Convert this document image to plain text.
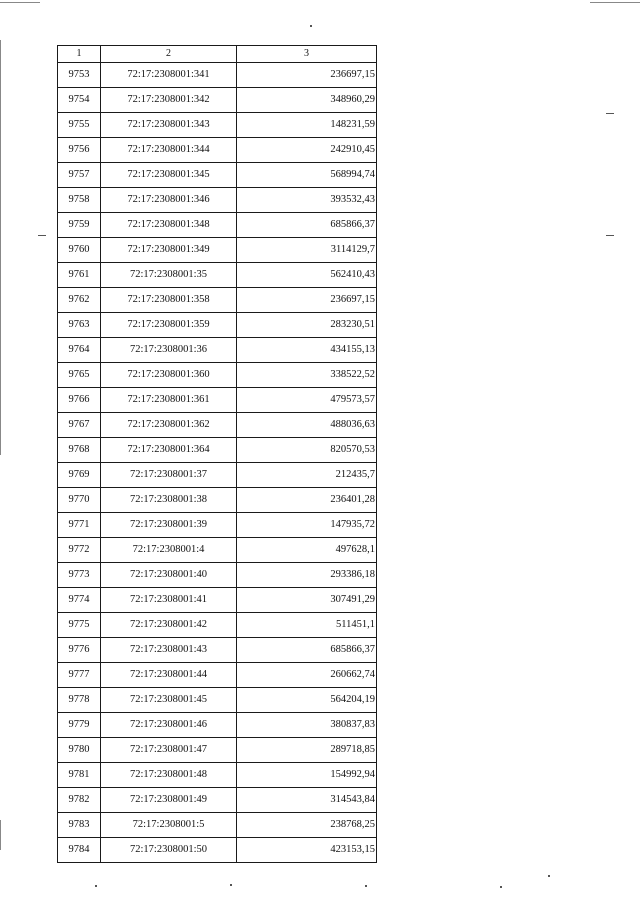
1	2	3
9753	72:17:2308001:341	236697,15
9754	72:17:2308001:342	348960,29
9755	72:17:2308001:343	148231,59
9756	72:17:2308001:344	242910,45
9757	72:17:2308001:345	568994,74
9758	72:17:2308001:346	393532,43
9759	72:17:2308001:348	685866,37
9760	72:17:2308001:349	3114129,7
9761	72:17:2308001:35	562410,43
9762	72:17:2308001:358	236697,15
9763	72:17:2308001:359	283230,51
9764	72:17:2308001:36	434155,13
9765	72:17:2308001:360	338522,52
9766	72:17:2308001:361	479573,57
9767	72:17:2308001:362	488036,63
9768	72:17:2308001:364	820570,53
9769	72:17:2308001:37	212435,7
9770	72:17:2308001:38	236401,28
9771	72:17:2308001:39	147935,72
9772	72:17:2308001:4	497628,1
9773	72:17:2308001:40	293386,18
9774	72:17:2308001:41	307491,29
9775	72:17:2308001:42	511451,1
9776	72:17:2308001:43	685866,37
9777	72:17:2308001:44	260662,74
9778	72:17:2308001:45	564204,19
9779	72:17:2308001:46	380837,83
9780	72:17:2308001:47	289718,85
9781	72:17:2308001:48	154992,94
9782	72:17:2308001:49	314543,84
9783	72:17:2308001:5	238768,25
9784	72:17:2308001:50	423153,15
